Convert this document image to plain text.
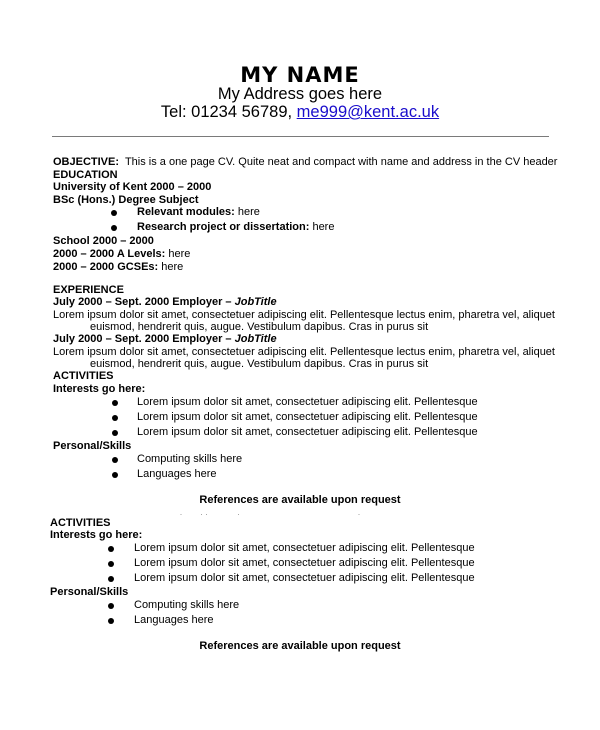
MY NAME
My Address goes here
Tel: 01234 56789, me999@kent.ac.uk
OBJECTIVE: This is a one page CV. Quite neat and compact with name and address in the CV header
EDUCATION
University of Kent 2000 – 2000
BSc (Hons.) Degree Subject
Relevant modules: here
Research project or dissertation: here
School 2000 – 2000
2000 – 2000 A Levels: here
2000 – 2000 GCSEs: here
EXPERIENCE
July 2000 – Sept. 2000 Employer – JobTitle
Lorem ipsum dolor sit amet, consectetuer adipiscing elit. Pellentesque lectus enim, pharetra vel, aliquet
euismod, hendrerit quis, augue. Vestibulum dapibus. Cras in purus sit
July 2000 – Sept. 2000 Employer – JobTitle
Lorem ipsum dolor sit amet, consectetuer adipiscing elit. Pellentesque lectus enim, pharetra vel, aliquet
euismod, hendrerit quis, augue. Vestibulum dapibus. Cras in purus sit
ACTIVITIES
Interests go here:
Lorem ipsum dolor sit amet, consectetuer adipiscing elit. Pellentesque
Lorem ipsum dolor sit amet, consectetuer adipiscing elit. Pellentesque
Lorem ipsum dolor sit amet, consectetuer adipiscing elit. Pellentesque
Personal/Skills
Computing skills here
Languages here
References are available upon request
·           ·  ·                  ·                                                                       ·
ACTIVITIES
Interests go here:
Lorem ipsum dolor sit amet, consectetuer adipiscing elit. Pellentesque
Lorem ipsum dolor sit amet, consectetuer adipiscing elit. Pellentesque
Lorem ipsum dolor sit amet, consectetuer adipiscing elit. Pellentesque
Personal/Skills
Computing skills here
Languages here
References are available upon request
